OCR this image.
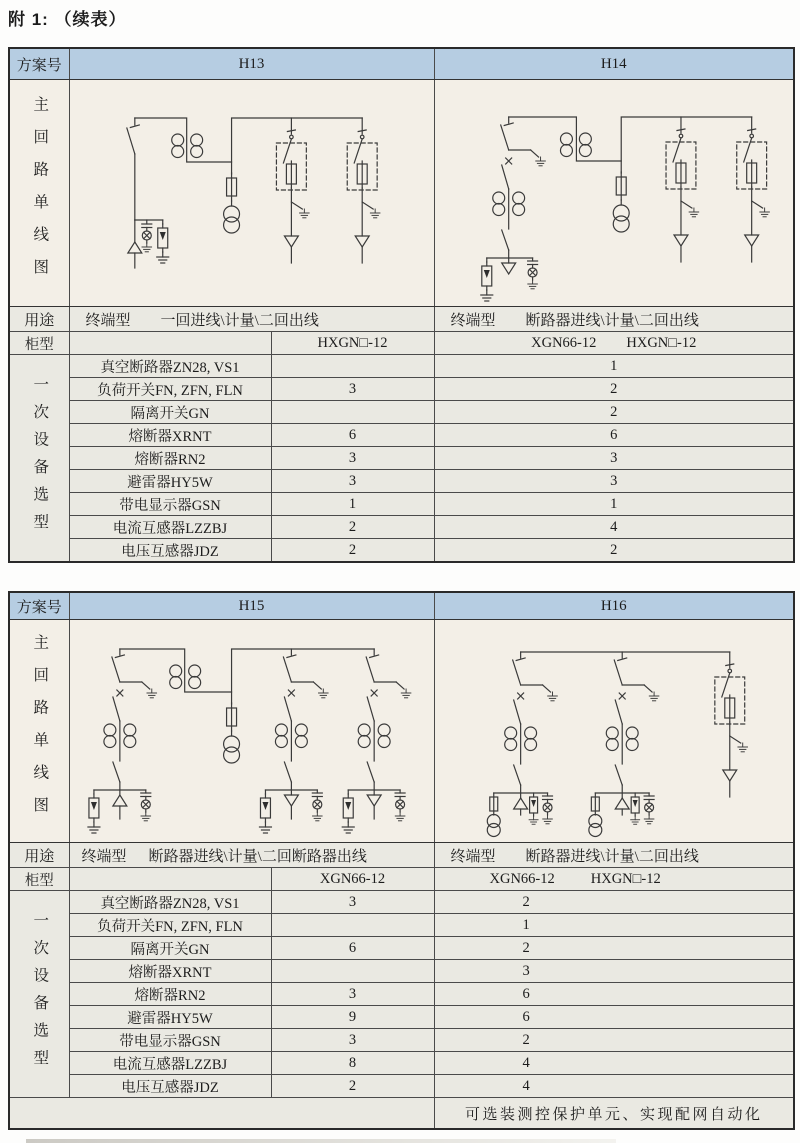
附 1: （续表）
方案号	H13		H14

主回路单线图

用途	终端型 一回进线\计量\二回出线		终端型 断路器进线\计量\二回出线

柜型		HXGN□-12	XGN66-12 HXGN□-12

一次设备选型	真空断路器ZN28, VS1		1
	负荷开关FN, ZFN, FLN	3	2
	隔离开关GN		2
	熔断器XRNT	6	6
	熔断器RN2	3	3
	避雷器HY5W	3	3
	带电显示器GSN	1	1
	电流互感器LZZBJ	2	4
	电压互感器JDZ	2	2
方案号	H15		H16

主回路单线图

用途	终端型 断路器进线\计量\二回断路器出线		终端型 断路器进线\计量\二回出线

柜型		XGN66-12	XGN66-12 HXGN□-12

一次设备选型	真空断路器ZN28, VS1	3	2
	负荷开关FN, ZFN, FLN		1
	隔离开关GN	6	2
	熔断器XRNT		3
	熔断器RN2	3	6
	避雷器HY5W	9	6
	带电显示器GSN	3	2
	电流互感器LZZBJ	8	4
	电压互感器JDZ	2	4
			可选装测控保护单元、实现配网自动化
